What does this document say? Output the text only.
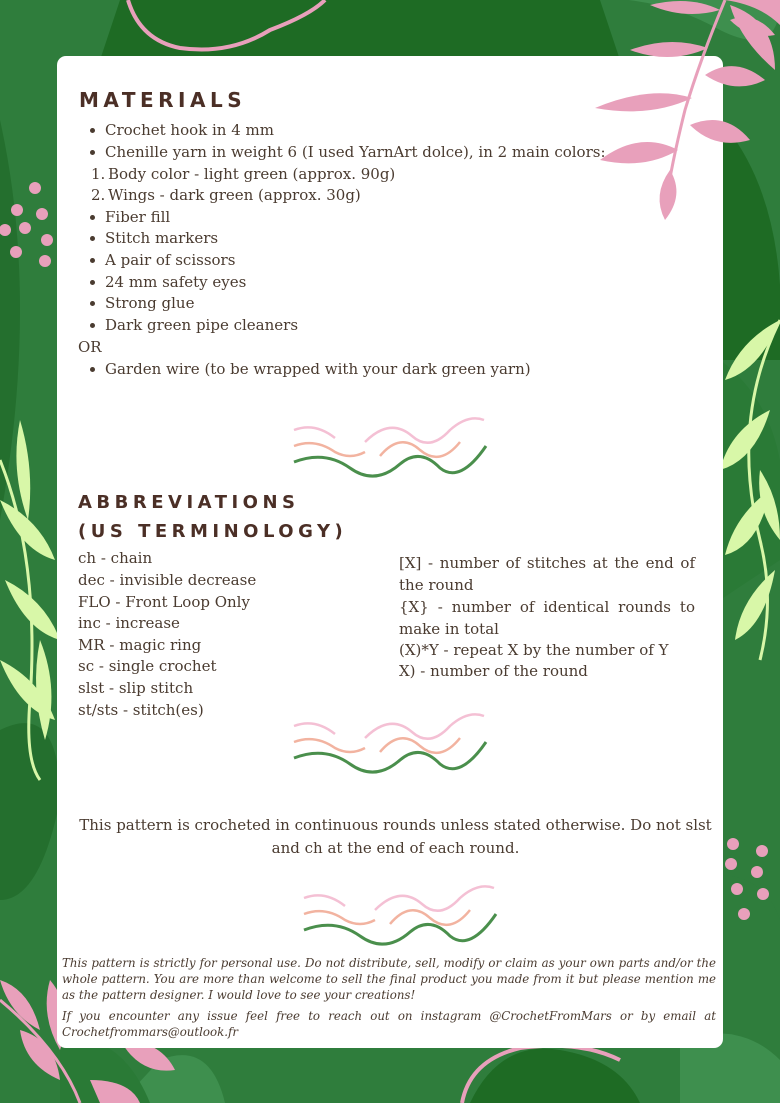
MATERIALS
Crochet hook in 4 mm
Chenille yarn in weight 6 (I used YarnArt dolce), in 2 main colors:
1. Body color - light green (approx. 90g)
2. Wings - dark green (approx. 30g)
Fiber fill
Stitch markers
A pair of scissors
24 mm safety eyes
Strong glue
Dark green pipe cleaners
OR
Garden wire (to be wrapped with your dark green yarn)
ABBREVIATIONS
(US TERMINOLOGY)
ch - chain
dec - invisible decrease
FLO - Front Loop Only
inc - increase
MR - magic ring
sc - single crochet
slst - slip stitch
st/sts - stitch(es)
[X] - number of stitches at the end of the round
{X} - number of identical rounds to make in total
(X)*Y - repeat X by the number of Y
X) - number of the round
This pattern is crocheted in continuous rounds unless stated otherwise. Do not slst and ch at the end of each round.
This pattern is strictly for personal use. Do not distribute, sell, modify or claim as your own parts and/or the whole pattern. You are more than welcome to sell the final product you made from it but please mention me as the pattern designer. I would love to see your creations!
If you encounter any issue feel free to reach out on instagram @CrochetFromMars or by email at Crochetfrommars@outlook.fr
